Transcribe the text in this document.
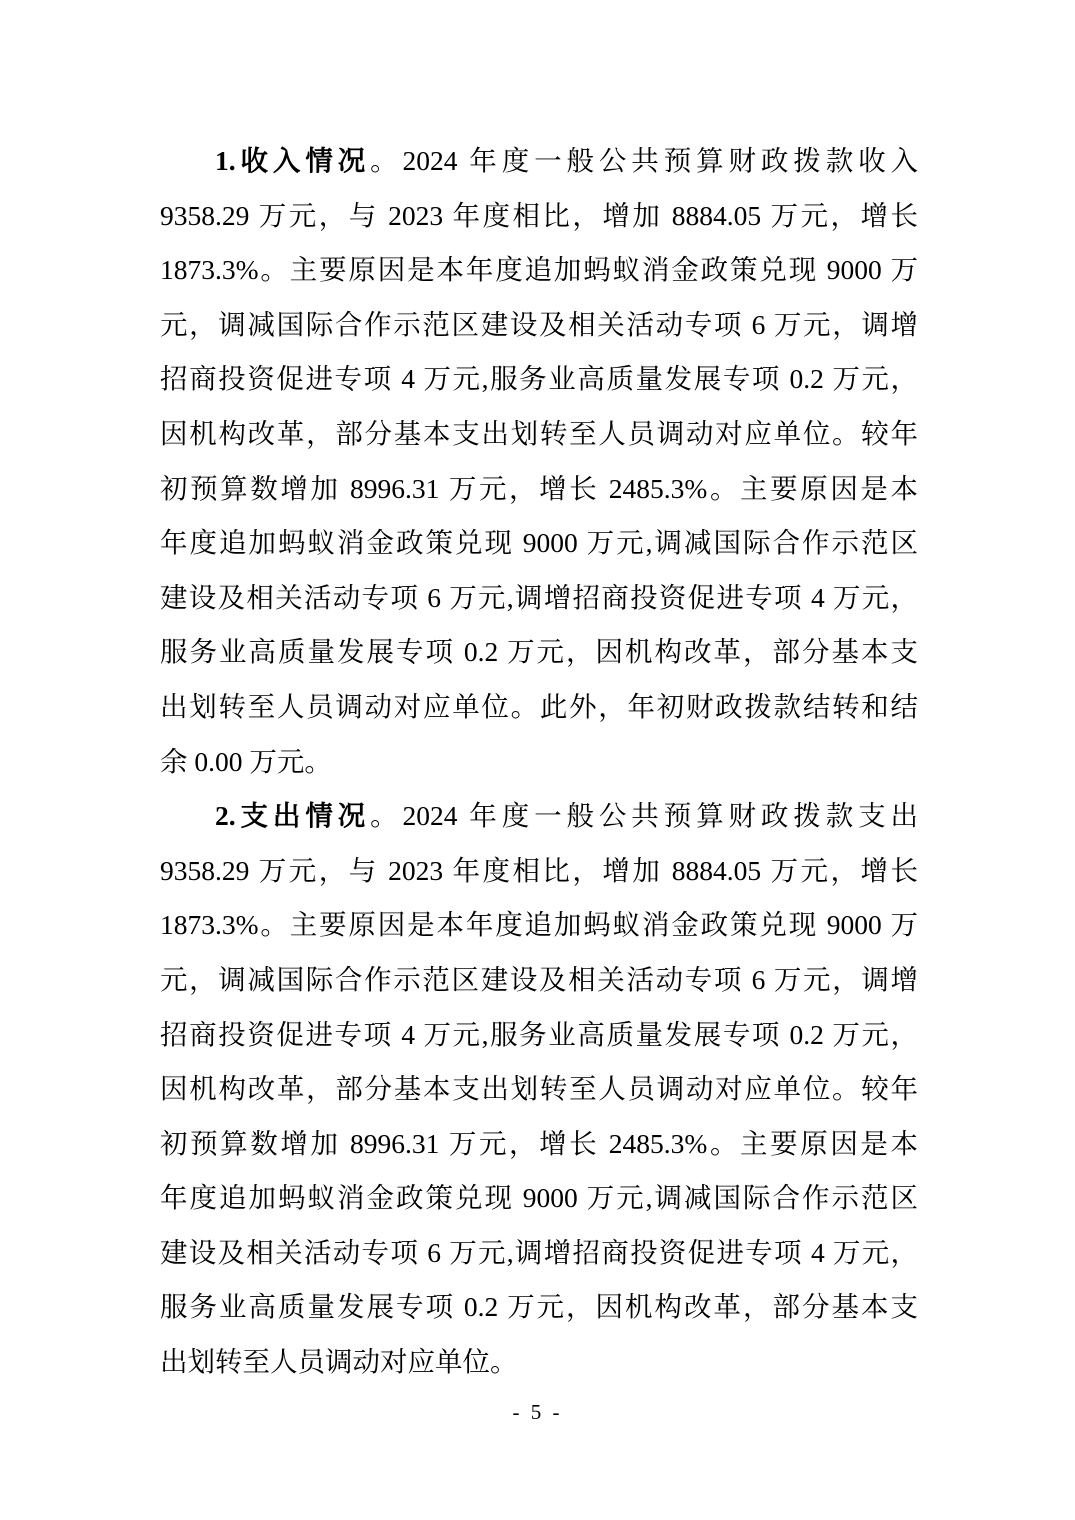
1.收入情况。2024 年度一般公共预算财政拨款收入
9358.29 万元，与 2023 年度相比，增加 8884.05 万元，增长
1873.3%。主要原因是本年度追加蚂蚁消金政策兑现 9000 万
元，调减国际合作示范区建设及相关活动专项 6 万元，调增
招商投资促进专项 4 万元,服务业高质量发展专项 0.2 万元，
因机构改革，部分基本支出划转至人员调动对应单位。较年
初预算数增加 8996.31 万元，增长 2485.3%。主要原因是本
年度追加蚂蚁消金政策兑现 9000 万元,调减国际合作示范区
建设及相关活动专项 6 万元,调增招商投资促进专项 4 万元，
服务业高质量发展专项 0.2 万元，因机构改革，部分基本支
出划转至人员调动对应单位。此外，年初财政拨款结转和结
余 0.00 万元。
2.支出情况。2024 年度一般公共预算财政拨款支出
9358.29 万元，与 2023 年度相比，增加 8884.05 万元，增长
1873.3%。主要原因是本年度追加蚂蚁消金政策兑现 9000 万
元，调减国际合作示范区建设及相关活动专项 6 万元，调增
招商投资促进专项 4 万元,服务业高质量发展专项 0.2 万元，
因机构改革，部分基本支出划转至人员调动对应单位。较年
初预算数增加 8996.31 万元，增长 2485.3%。主要原因是本
年度追加蚂蚁消金政策兑现 9000 万元,调减国际合作示范区
建设及相关活动专项 6 万元,调增招商投资促进专项 4 万元，
服务业高质量发展专项 0.2 万元，因机构改革，部分基本支
出划转至人员调动对应单位。
- 5 -
